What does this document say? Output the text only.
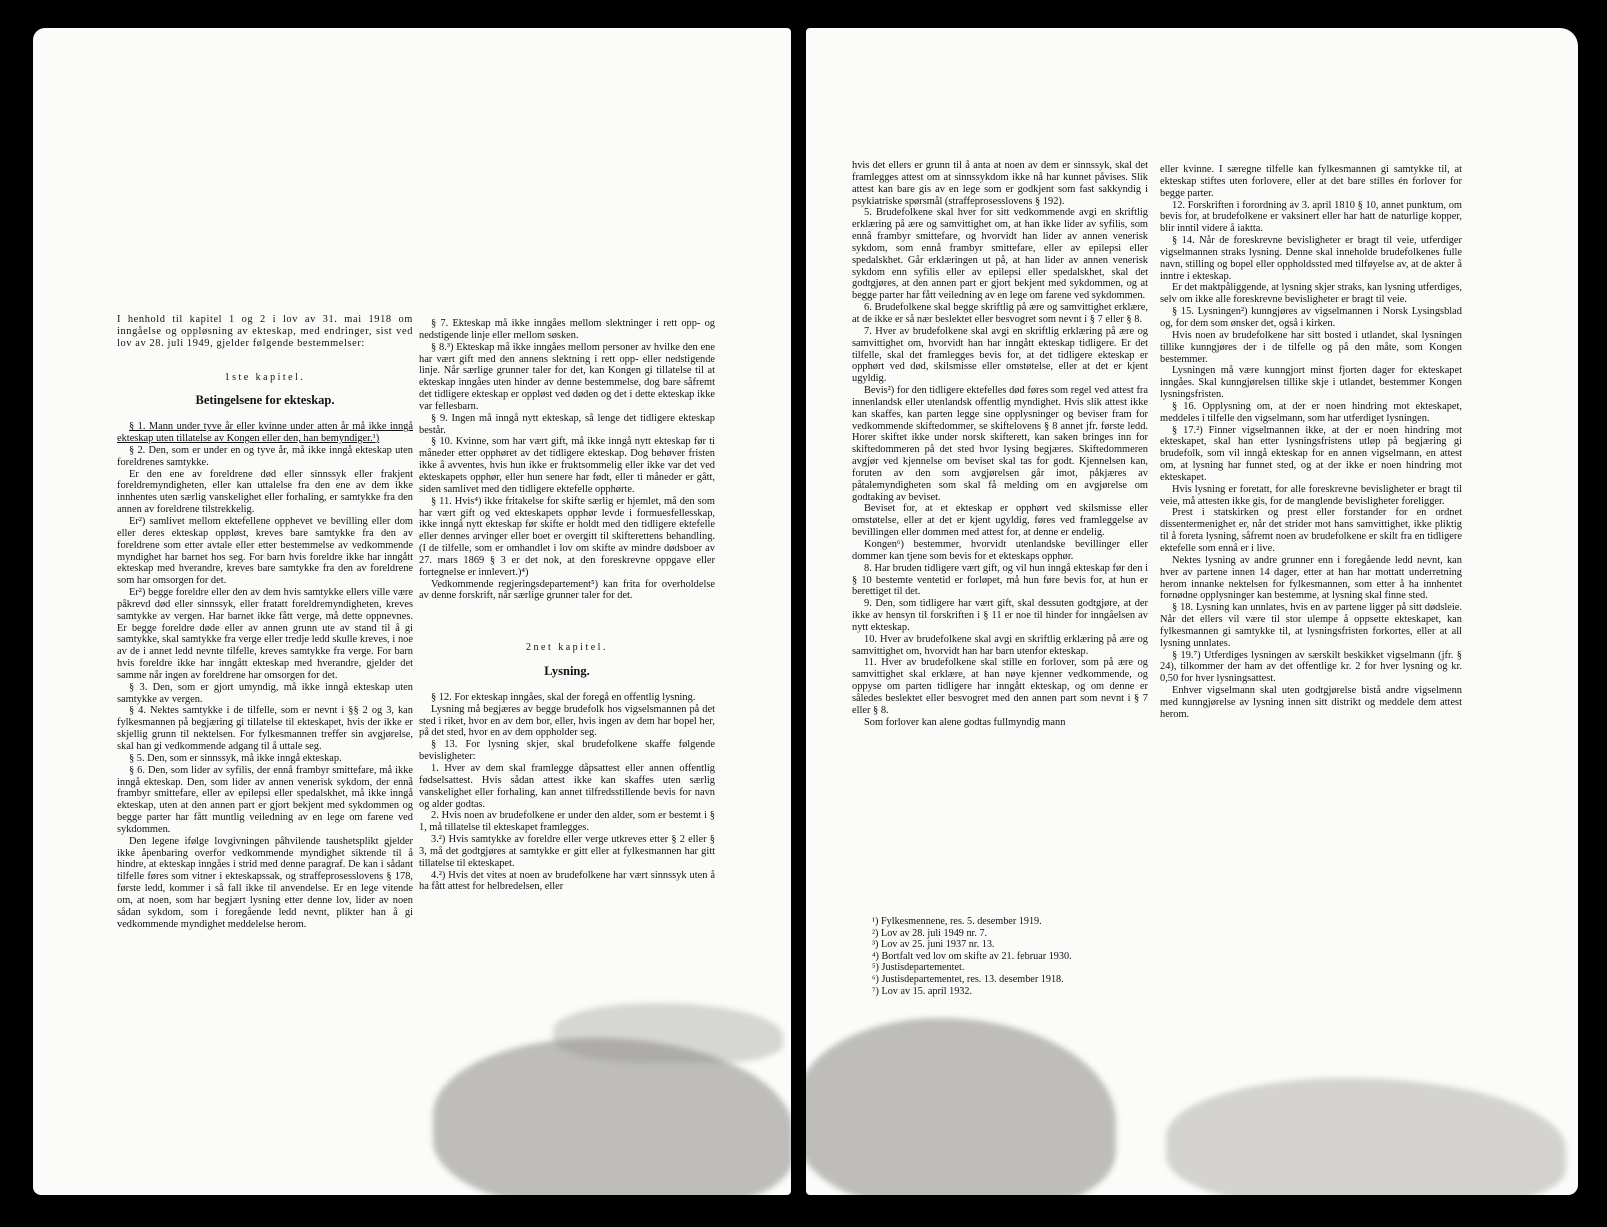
I henhold til kapitel 1 og 2 i lov av 31. mai 1918 om inngåelse og oppløsning av ekteskap, med endringer, sist ved lov av 28. juli 1949, gjelder følgende bestemmelser:

1ste kapitel.
Betingelsene for ekteskap.

§ 1. Mann under tyve år eller kvinne under atten år må ikke inngå ekteskap uten tillatelse av Kongen eller den, han bemyndiger.¹)

§ 2. Den, som er under en og tyve år, må ikke inngå ekteskap uten foreldrenes samtykke.

Er den ene av foreldrene død eller sinnssyk eller frakjent foreldremyndigheten, eller kan uttalelse fra den ene av dem ikke innhentes uten særlig vanskelighet eller forhaling, er samtykke fra den annen av foreldrene tilstrekkelig.

Er²) samlivet mellom ektefellene opphevet ve bevilling eller dom eller deres ekteskap oppløst, kreves bare samtykke fra den av foreldrene som etter avtale eller etter bestemmelse av vedkommende myndighet har barnet hos seg. For barn hvis foreldre ikke har inngått ekteskap med hverandre, kreves bare samtykke fra den av foreldrene som har omsorgen for det.

Er²) begge foreldre eller den av dem hvis samtykke ellers ville være påkrevd død eller sinnssyk, eller fratatt foreldremyndigheten, kreves samtykke av vergen. Har barnet ikke fått verge, må dette oppnevnes. Er begge foreldre døde eller av annen grunn ute av stand til å gi samtykke, skal samtykke fra verge eller tredje ledd skulle kreves, i noe av de i annet ledd nevnte tilfelle, kreves samtykke fra verge. For barn hvis foreldre ikke har inngått ekteskap med hverandre, gjelder det samme når ingen av foreldrene har omsorgen for det.

§ 3. Den, som er gjort umyndig, må ikke inngå ekteskap uten samtykke av vergen.

§ 4. Nektes samtykke i de tilfelle, som er nevnt i §§ 2 og 3, kan fylkesmannen på begjæring gi tillatelse til ekteskapet, hvis der ikke er skjellig grunn til nektelsen. For fylkesmannen treffer sin avgjørelse, skal han gi vedkommende adgang til å uttale seg.

§ 5. Den, som er sinnssyk, må ikke inngå ekteskap.

§ 6. Den, som lider av syfilis, der ennå frambyr smittefare, må ikke inngå ekteskap. Den, som lider av annen venerisk sykdom, der ennå frambyr smittefare, eller av epilepsi eller spedalskhet, må ikke inngå ekteskap, uten at den annen part er gjort bekjent med sykdommen og begge parter har fått muntlig veiledning av en lege om farene ved sykdommen.

Den legene ifølge lovgivningen påhvilende taushetsplikt gjelder ikke åpenbaring overfor vedkommende myndighet siktende til å hindre, at ekteskap inngåes i strid med denne paragraf. De kan i sådant tilfelle føres som vitner i ekteskapssak, og straffeprosesslovens § 178, første ledd, kommer i så fall ikke til anvendelse. Er en lege vitende om, at noen, som har begjært lysning etter denne lov, lider av noen sådan sykdom, som i foregående ledd nevnt, plikter han å gi vedkommende myndighet meddelelse herom.

§ 7. Ekteskap må ikke inngåes mellom slektninger i rett opp- og nedstigende linje eller mellom søsken.

§ 8.³) Ekteskap må ikke inngåes mellom personer av hvilke den ene har vært gift med den annens slektning i rett opp- eller nedstigende linje. Når særlige grunner taler for det, kan Kongen gi tillatelse til at ekteskap inngåes uten hinder av denne bestemmelse, dog bare såfremt det tidligere ekteskap er oppløst ved døden og det i dette ekteskap ikke var fellesbarn.

§ 9. Ingen må inngå nytt ekteskap, så lenge det tidligere ekteskap består.

§ 10. Kvinne, som har vært gift, må ikke inngå nytt ekteskap før ti måneder etter opphøret av det tidligere ekteskap. Dog behøver fristen ikke å avventes, hvis hun ikke er fruktsommelig eller ikke var det ved ekteskapets opphør, eller hun senere har født, eller ti måneder er gått, siden samlivet med den tidligere ektefelle opphørte.

§ 11. Hvis⁴) ikke fritakelse for skifte særlig er hjemlet, må den som har vært gift og ved ekteskapets opphør levde i formuesfellesskap, ikke inngå nytt ekteskap før skifte er holdt med den tidligere ektefelle eller dennes arvinger eller boet er overgitt til skifterettens behandling. (I de tilfelle, som er omhandlet i lov om skifte av mindre dødsboer av 27. mars 1869 § 3 er det nok, at den foreskrevne oppgave eller fortegnelse er innlevert.)⁴)

Vedkommende regjeringsdepartement⁵) kan frita for overholdelse av denne forskrift, når særlige grunner taler for det.

2net kapitel.
Lysning.

§ 12. For ekteskap inngåes, skal der foregå en offentlig lysning.

Lysning må begjæres av begge brudefolk hos vigselsmannen på det sted i riket, hvor en av dem bor, eller, hvis ingen av dem har bopel her, på det sted, hvor en av dem oppholder seg.

§ 13. For lysning skjer, skal brudefolkene skaffe følgende bevisligheter:

1. Hver av dem skal framlegge dåpsattest eller annen offentlig fødselsattest. Hvis sådan attest ikke kan skaffes uten særlig vanskelighet eller forhaling, kan annet tilfredsstillende bevis for navn og alder godtas.

2. Hvis noen av brudefolkene er under den alder, som er bestemt i § 1, må tillatelse til ekteskapet framlegges.

3.²) Hvis samtykke av foreldre eller verge utkreves etter § 2 eller § 3, må det godtgjøres at samtykke er gitt eller at fylkesmannen har gitt tillatelse til ekteskapet.

4.²) Hvis det vites at noen av brudefolkene har vært sinnssyk uten å ha fått attest for helbredelsen, eller

hvis det ellers er grunn til å anta at noen av dem er sinnssyk, skal det framlegges attest om at sinnssykdom ikke nå har kunnet påvises. Slik attest kan bare gis av en lege som er godkjent som fast sakkyndig i psykiatriske spørsmål (straffeprosesslovens § 192).

5. Brudefolkene skal hver for sitt vedkommende avgi en skriftlig erklæring på ære og samvittighet om, at han ikke lider av syfilis, som ennå frambyr smittefare, og hvorvidt han lider av annen venerisk sykdom, som ennå frambyr smittefare, eller av epilepsi eller spedalskhet. Går erklæringen ut på, at han lider av annen venerisk sykdom enn syfilis eller av epilepsi eller spedalskhet, skal det godtgjøres, at den annen part er gjort bekjent med sykdommen, og at begge parter har fått veiledning av en lege om farene ved sykdommen.

6. Brudefolkene skal begge skriftlig på ære og samvittighet erklære, at de ikke er så nær beslektet eller besvogret som nevnt i § 7 eller § 8.

7. Hver av brudefolkene skal avgi en skriftlig erklæring på ære og samvittighet om, hvorvidt han har inngått ekteskap tidligere. Er det tilfelle, skal det framlegges bevis for, at det tidligere ekteskap er opphørt ved død, skilsmisse eller omstøtelse, eller at det er kjent ugyldig.

Bevis²) for den tidligere ektefelles død føres som regel ved attest fra innenlandsk eller utenlandsk offentlig myndighet. Hvis slik attest ikke kan skaffes, kan parten legge sine opplysninger og beviser fram for vedkommende skiftedommer, se skiftelovens § 8 annet jfr. første ledd. Horer skiftet ikke under norsk skifterett, kan saken bringes inn for skiftedommeren på det sted hvor lysing begjæres. Skiftedommeren avgjør ved kjennelse om beviset skal tas for godt. Kjennelsen kan, foruten av den som avgjørelsen går imot, påkjæres av påtalemyndigheten som skal få melding om en avgjørelse om godtaking av beviset.

Beviset for, at et ekteskap er opphørt ved skilsmisse eller omstøtelse, eller at det er kjent ugyldig, føres ved framleggelse av bevillingen eller dommen med attest for, at denne er endelig.

Kongen⁶) bestemmer, hvorvidt utenlandske bevillinger eller dommer kan tjene som bevis for et ekteskaps opphør.

8. Har bruden tidligere vært gift, og vil hun inngå ekteskap før den i § 10 bestemte ventetid er forløpet, må hun føre bevis for, at hun er berettiget til det.

9. Den, som tidligere har vært gift, skal dessuten godtgjøre, at der ikke av hensyn til forskriften i § 11 er noe til hinder for inngåelsen av nytt ekteskap.

10. Hver av brudefolkene skal avgi en skriftlig erklæring på ære og samvittighet om, hvorvidt han har barn utenfor ekteskap.

11. Hver av brudefolkene skal stille en forlover, som på ære og samvittighet skal erklære, at han nøye kjenner vedkommende, og oppyse om parten tidligere har inngått ekteskap, og om denne er således beslektet eller besvogret med den annen part som nevnt i § 7 eller § 8.

Som forlover kan alene godtas fullmyndig mann

¹) Fylkesmennene, res. 5. desember 1919.
²) Lov av 28. juli 1949 nr. 7.
³) Lov av 25. juni 1937 nr. 13.
⁴) Bortfalt ved lov om skifte av 21. februar 1930.
⁵) Justisdepartementet.
⁶) Justisdepartementet, res. 13. desember 1918.
⁷) Lov av 15. april 1932.

eller kvinne. I særegne tilfelle kan fylkesmannen gi samtykke til, at ekteskap stiftes uten forlovere, eller at det bare stilles én forlover for begge parter.

12. Forskriften i forordning av 3. april 1810 § 10, annet punktum, om bevis for, at brudefolkene er vaksinert eller har hatt de naturlige kopper, blir inntil videre å iaktta.

§ 14. Når de foreskrevne bevisligheter er bragt til veie, utferdiger vigselmannen straks lysning. Denne skal inneholde brudefolkenes fulle navn, stilling og bopel eller oppholdssted med tilføyelse av, at de akter å inntre i ekteskap.

Er det maktpåliggende, at lysning skjer straks, kan lysning utferdiges, selv om ikke alle foreskrevne bevisligheter er bragt til veie.

§ 15. Lysningen²) kunngjøres av vigselmannen i Norsk Lysingsblad og, for dem som ønsker det, også i kirken.

Hvis noen av brudefolkene har sitt bosted i utlandet, skal lysningen tillike kunngjøres der i de tilfelle og på den måte, som Kongen bestemmer.

Lysningen må være kunngjort minst fjorten dager for ekteskapet inngåes. Skal kunngjørelsen tillike skje i utlandet, bestemmer Kongen lysningsfristen.

§ 16. Opplysning om, at der er noen hindring mot ekteskapet, meddeles i tilfelle den vigselmann, som har utferdiget lysningen.

§ 17.²) Finner vigselmannen ikke, at der er noen hindring mot ekteskapet, skal han etter lysningsfristens utløp på begjæring gi brudefolk, som vil inngå ekteskap for en annen vigselmann, en attest om, at lysning har funnet sted, og at der ikke er noen hindring mot ekteskapet.

Hvis lysning er foretatt, for alle foreskrevne bevisligheter er bragt til veie, må attesten ikke gis, for de manglende bevisligheter foreligger.

Prest i statskirken og prest eller forstander for en ordnet dissentermenighet er, når det strider mot hans samvittighet, ikke pliktig til å foreta lysning, såfremt noen av brudefolkene er skilt fra en tidligere ektefelle som ennå er i live.

Nektes lysning av andre grunner enn i foregående ledd nevnt, kan hver av partene innen 14 dager, etter at han har mottatt underretning herom innanke nektelsen for fylkesmannen, som etter å ha innhentet fornødne opplysninger kan bestemme, at lysning skal finne sted.

§ 18. Lysning kan unnlates, hvis en av partene ligger på sitt dødsleie. Når det ellers vil være til stor ulempe å oppsette ekteskapet, kan fylkesmannen gi samtykke til, at lysningsfristen forkortes, eller at all lysning unnlates.

§ 19.⁷) Utferdiges lysningen av særskilt beskikket vigselmann (jfr. § 24), tilkommer der ham av det offentlige kr. 2 for hver lysning og kr. 0,50 for hver lysningsattest.

Enhver vigselmann skal uten godtgjørelse bistå andre vigselmenn med kunngjørelse av lysning innen sitt distrikt og meddele dem attest herom.
